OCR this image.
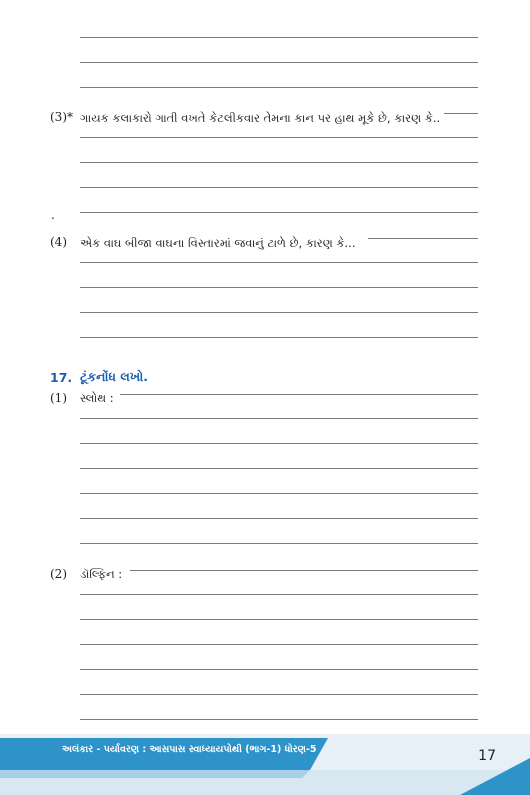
(3)* ગાયક કલાકારો ગાતી વખતે કેટલીકવાર તેમના કાન પર હાથ મૂકે છે, કારણ કે..
.
(4) એક વાઘ બીજા વાઘના વિસ્તારમાં જવાનું ટાળે છે, કારણ કે...
17. ટૂંકનોંધ લખો.
(1) સ્લોથ :
(2) ડૉલ્ફિન :
અલંકાર - પર્યાવરણ : આસપાસ સ્વાધ્યાયપોથી (ભાગ-1) ધોરણ-5	17
